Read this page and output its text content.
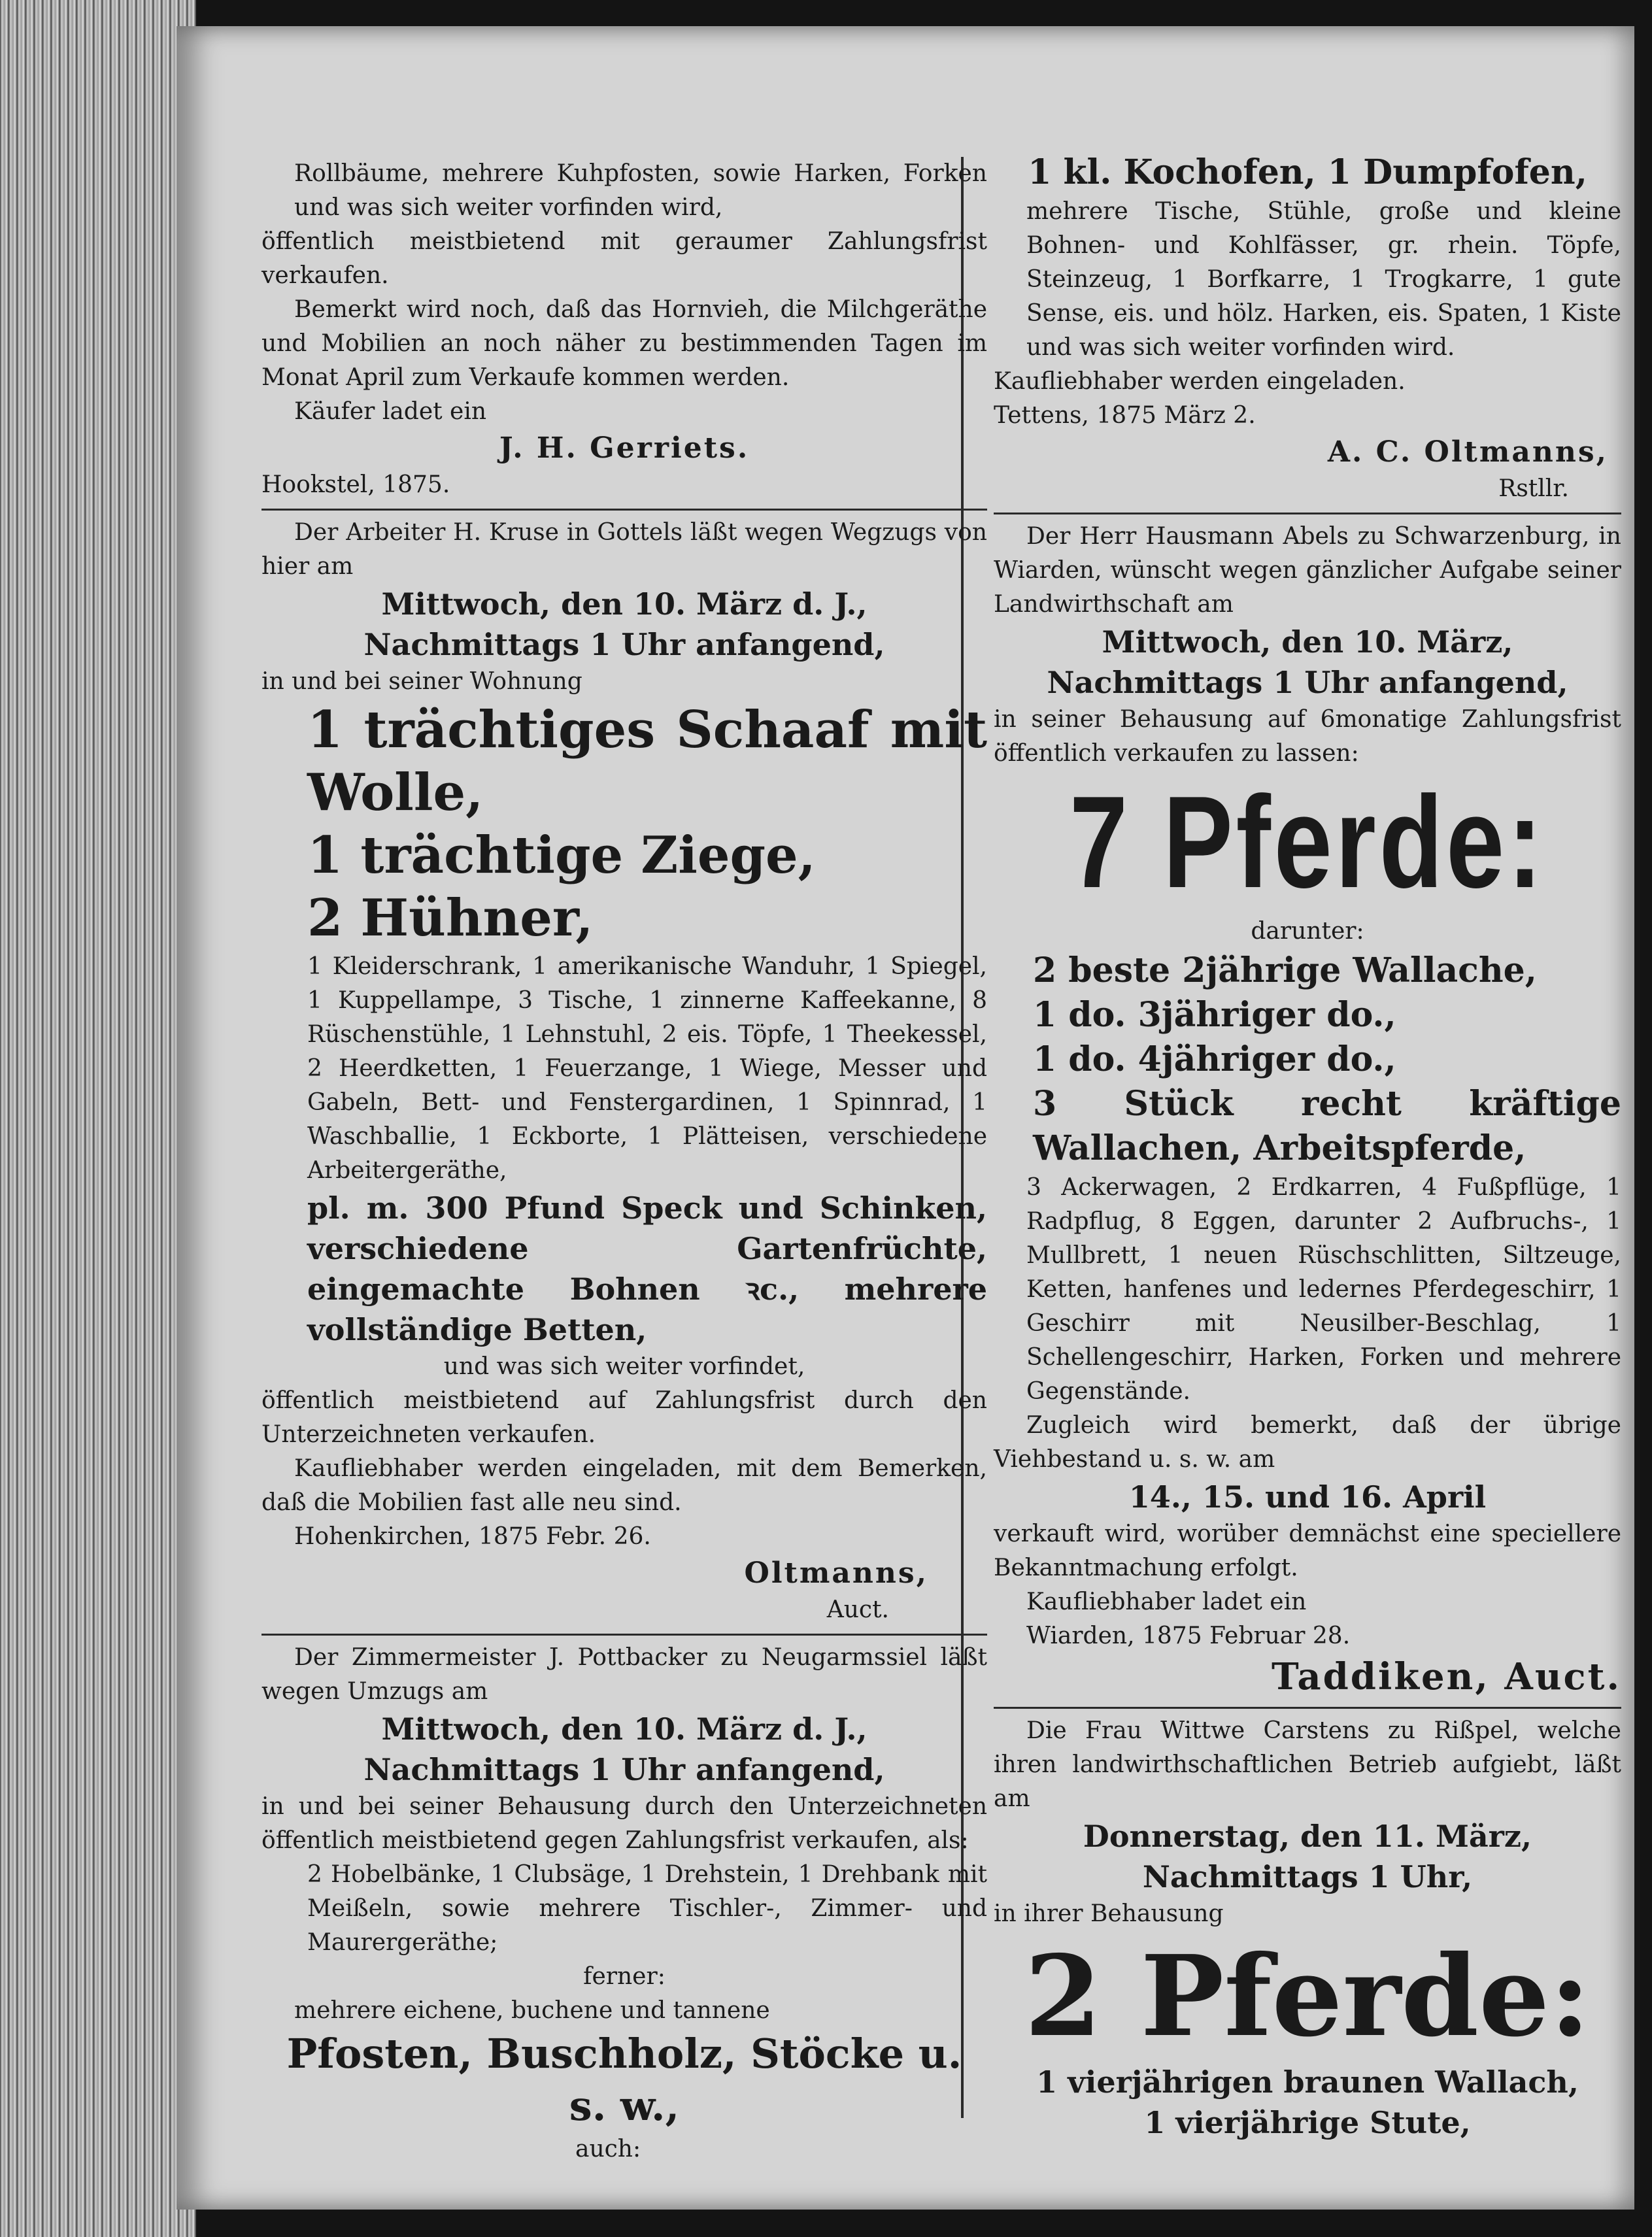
Rollbäume, mehrere Kuhpfosten, sowie Harken, Forken und was sich weiter vorfinden wird,

öffentlich meistbietend mit geraumer Zahlungsfrist verkaufen.

Bemerkt wird noch, daß das Hornvieh, die Milchgeräthe und Mobilien an noch näher zu bestimmenden Tagen im Monat April zum Verkaufe kommen werden.

Käufer ladet ein

J. H. Gerriets.

Hookstel, 1875.

Der Arbeiter H. Kruse in Gottels läßt wegen Wegzugs von hier am

Mittwoch, den 10. März d. J.,

Nachmittags 1 Uhr anfangend,

in und bei seiner Wohnung

1 trächtiges Schaaf mit Wolle,

1 trächtige Ziege,

2 Hühner,

1 Kleiderschrank, 1 amerikanische Wanduhr, 1 Spiegel, 1 Kuppellampe, 3 Tische, 1 zinnerne Kaffeekanne, 8 Rüschenstühle, 1 Lehnstuhl, 2 eis. Töpfe, 1 Theekessel, 2 Heerdketten, 1 Feuerzange, 1 Wiege, Messer und Gabeln, Bett- und Fenstergardinen, 1 Spinnrad, 1 Waschballie, 1 Eckborte, 1 Plätteisen, verschiedene Arbeitergeräthe,

pl. m. 300 Pfund Speck und Schinken, verschiedene Gartenfrüchte, eingemachte Bohnen ꝛc., mehrere vollständige Betten,

und was sich weiter vorfindet,

öffentlich meistbietend auf Zahlungsfrist durch den Unterzeichneten verkaufen.

Kaufliebhaber werden eingeladen, mit dem Bemerken, daß die Mobilien fast alle neu sind.

Hohenkirchen, 1875 Febr. 26.

Oltmanns,

Auct.

Der Zimmermeister J. Pottbacker zu Neugarmssiel läßt wegen Umzugs am

Mittwoch, den 10. März d. J.,

Nachmittags 1 Uhr anfangend,

in und bei seiner Behausung durch den Unterzeichneten öffentlich meistbietend gegen Zahlungsfrist verkaufen, als:

2 Hobelbänke, 1 Clubsäge, 1 Drehstein, 1 Drehbank mit Meißeln, sowie mehrere Tischler-, Zimmer- und Maurergeräthe;

ferner:

mehrere eichene, buchene und tannene

Pfosten, Buschholz, Stöcke u. s. w.,

auch:

1 kl. Kochofen, 1 Dumpfofen,

mehrere Tische, Stühle, große und kleine Bohnen- und Kohlfässer, gr. rhein. Töpfe, Steinzeug, 1 Borfkarre, 1 Trogkarre, 1 gute Sense, eis. und hölz. Harken, eis. Spaten, 1 Kiste und was sich weiter vorfinden wird.

Kaufliebhaber werden eingeladen.

Tettens, 1875 März 2.

A. C. Oltmanns,

Rstllr.

Der Herr Hausmann Abels zu Schwarzenburg, in Wiarden, wünscht wegen gänzlicher Aufgabe seiner Landwirthschaft am

Mittwoch, den 10. März,

Nachmittags 1 Uhr anfangend,

in seiner Behausung auf 6monatige Zahlungsfrist öffentlich verkaufen zu lassen:

7 Pferde:

darunter:

2 beste 2jährige Wallache,

1 do. 3jähriger do.,

1 do. 4jähriger do.,

3 Stück recht kräftige Wallachen, Arbeitspferde,

3 Ackerwagen, 2 Erdkarren, 4 Fußpflüge, 1 Radpflug, 8 Eggen, darunter 2 Aufbruchs-, 1 Mullbrett, 1 neuen Rüschschlitten, Siltzeuge, Ketten, hanfenes und ledernes Pferdegeschirr, 1 Geschirr mit Neusilber-Beschlag, 1 Schellengeschirr, Harken, Forken und mehrere Gegenstände.

Zugleich wird bemerkt, daß der übrige Viehbestand u. s. w. am

14., 15. und 16. April

verkauft wird, worüber demnächst eine speciellere Bekanntmachung erfolgt.

Kaufliebhaber ladet ein

Wiarden, 1875 Februar 28.

Taddiken, Auct.

Die Frau Wittwe Carstens zu Rißpel, welche ihren landwirthschaftlichen Betrieb aufgiebt, läßt am

Donnerstag, den 11. März,

Nachmittags 1 Uhr,

in ihrer Behausung

2 Pferde:

1 vierjährigen braunen Wallach,

1 vierjährige Stute,
